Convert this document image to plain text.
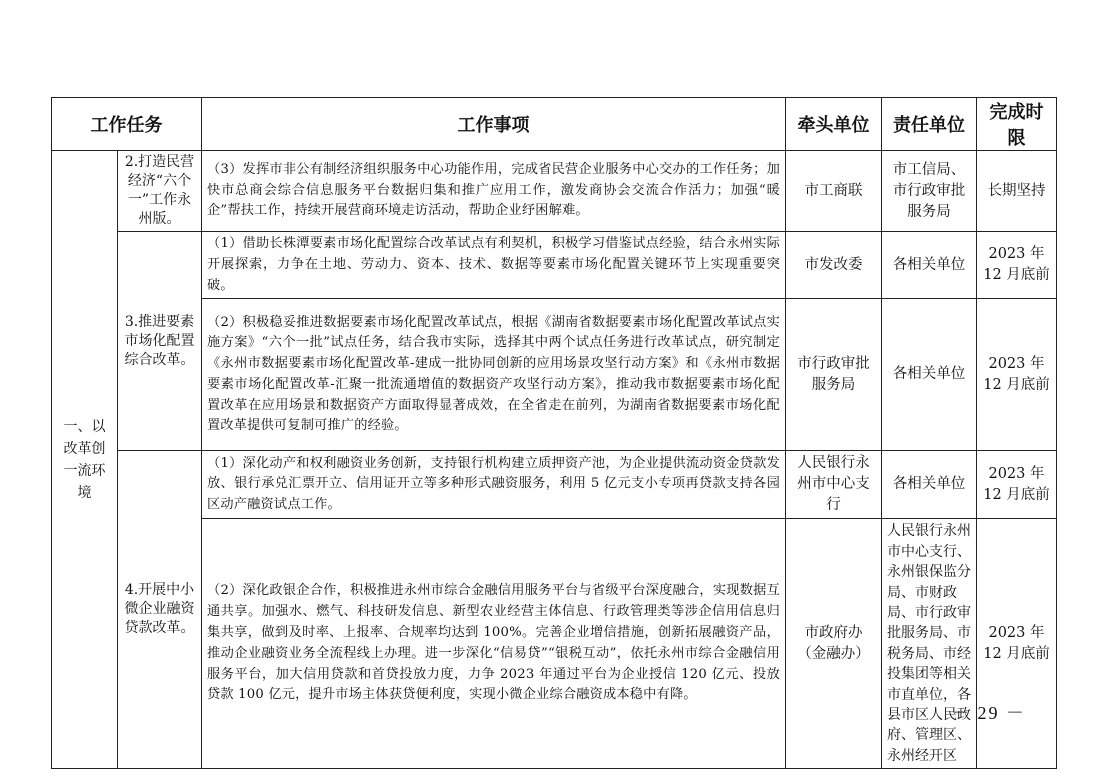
工作任务		工作事项	牵头单位	责任单位	完成时限
一、以改革创一流环境	2.打造民营经济“六个一”工作永州版。	（3）发挥市非公有制经济组织服务中心功能作用，完成省民营企业服务中心交办的工作任务；加快市总商会综合信息服务平台数据归集和推广应用工作，激发商协会交流合作活力；加强“暖企”帮扶工作，持续开展营商环境走访活动，帮助企业纾困解难。	市工商联	市工信局、市行政审批服务局	长期坚持
	3.推进要素市场化配置综合改革。	（1）借助长株潭要素市场化配置综合改革试点有利契机，积极学习借鉴试点经验，结合永州实际开展探索，力争在土地、劳动力、资本、技术、数据等要素市场化配置关键环节上实现重要突破。	市发改委	各相关单位	2023 年 12 月底前
		（2）积极稳妥推进数据要素市场化配置改革试点，根据《湖南省数据要素市场化配置改革试点实施方案》“六个一批”试点任务，结合我市实际，选择其中两个试点任务进行改革试点，研究制定《永州市数据要素市场化配置改革-建成一批协同创新的应用场景攻坚行动方案》和《永州市数据要素市场化配置改革-汇聚一批流通增值的数据资产攻坚行动方案》，推动我市数据要素市场化配置改革在应用场景和数据资产方面取得显著成效，在全省走在前列，为湖南省数据要素市场化配置改革提供可复制可推广的经验。	市行政审批服务局	各相关单位	2023 年 12 月底前
	4.开展中小微企业融资贷款改革。	（1）深化动产和权利融资业务创新，支持银行机构建立质押资产池，为企业提供流动资金贷款发放、银行承兑汇票开立、信用证开立等多种形式融资服务，利用 5 亿元支小专项再贷款支持各园区动产融资试点工作。	人民银行永州市中心支行	各相关单位	2023 年 12 月底前
		（2）深化政银企合作，积极推进永州市综合金融信用服务平台与省级平台深度融合，实现数据互通共享。加强水、燃气、科技研发信息、新型农业经营主体信息、行政管理类等涉企信用信息归集共享，做到及时率、上报率、合规率均达到 100%。完善企业增信措施，创新拓展融资产品，推动企业融资业务全流程线上办理。进一步深化“信易贷”“银税互动”，依托永州市综合金融信用服务平台，加大信用贷款和首贷投放力度，力争 2023 年通过平台为企业授信 120 亿元、投放贷款 100 亿元，提升市场主体获贷便利度，实现小微企业综合融资成本稳中有降。	市政府办（金融办）	人民银行永州市中心支行、永州银保监分局、市财政局、市行政审批服务局、市税务局、市经投集团等相关市直单位，各县市区人民政府、管理区、永州经开区	2023 年 12 月底前
－ 29 －
